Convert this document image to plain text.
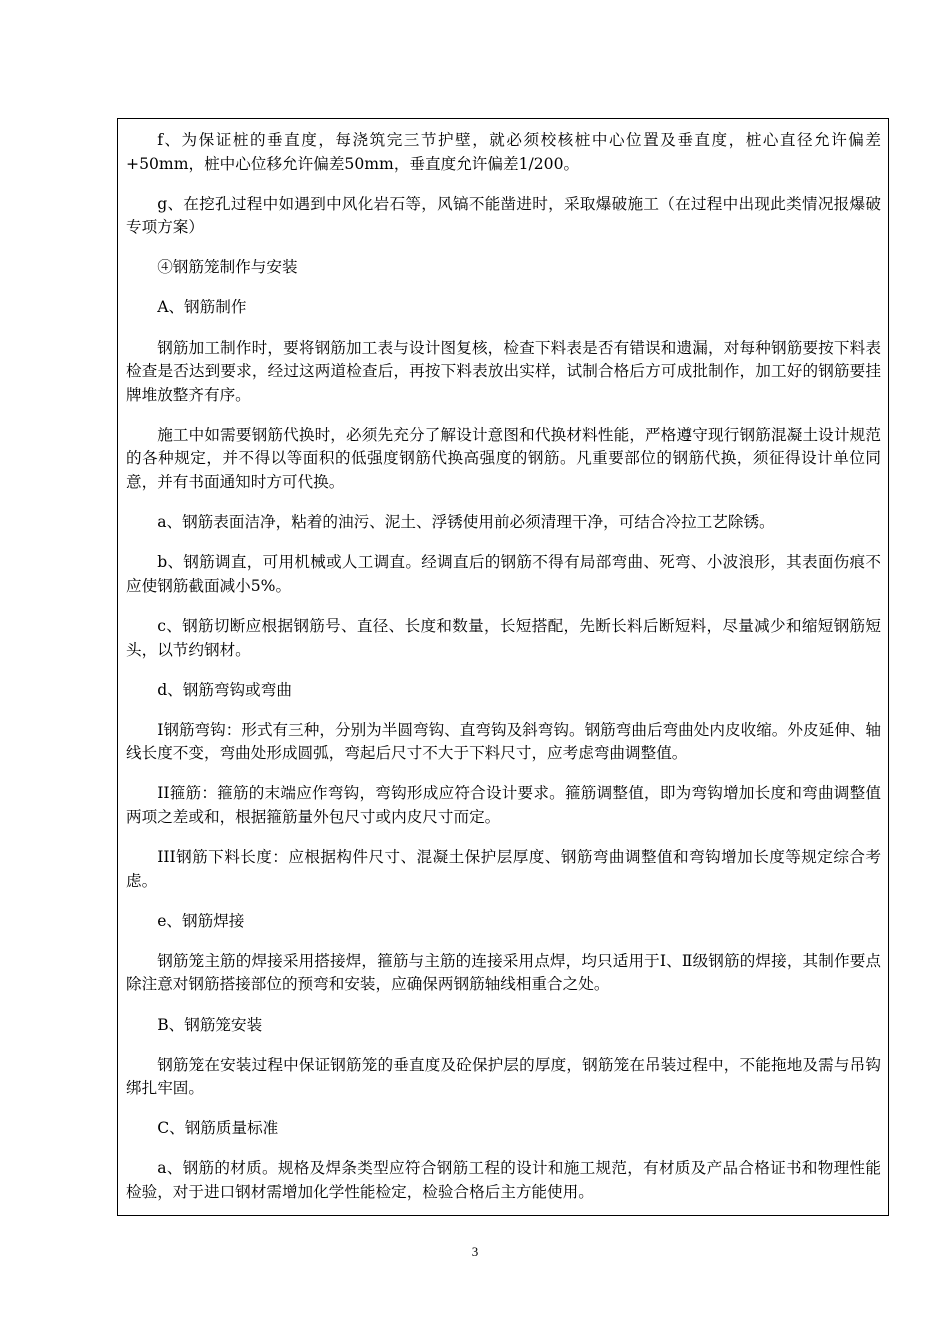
f、为保证桩的垂直度，每浇筑完三节护壁，就必须校核桩中心位置及垂直度，桩心直径允许偏差+50mm，桩中心位移允许偏差50mm，垂直度允许偏差1/200。

g、在挖孔过程中如遇到中风化岩石等，风镐不能凿进时，采取爆破施工（在过程中出现此类情况报爆破专项方案）

④钢筋笼制作与安装

A、钢筋制作

钢筋加工制作时，要将钢筋加工表与设计图复核，检查下料表是否有错误和遗漏，对每种钢筋要按下料表检查是否达到要求，经过这两道检查后，再按下料表放出实样，试制合格后方可成批制作，加工好的钢筋要挂牌堆放整齐有序。

施工中如需要钢筋代换时，必须先充分了解设计意图和代换材料性能，严格遵守现行钢筋混凝土设计规范的各种规定，并不得以等面积的低强度钢筋代换高强度的钢筋。凡重要部位的钢筋代换，须征得设计单位同意，并有书面通知时方可代换。

a、钢筋表面洁净，粘着的油污、泥土、浮锈使用前必须清理干净，可结合冷拉工艺除锈。

b、钢筋调直，可用机械或人工调直。经调直后的钢筋不得有局部弯曲、死弯、小波浪形，其表面伤痕不应使钢筋截面减小5%。

c、钢筋切断应根据钢筋号、直径、长度和数量，长短搭配，先断长料后断短料，尽量减少和缩短钢筋短头，以节约钢材。

d、钢筋弯钩或弯曲

I钢筋弯钩：形式有三种，分别为半圆弯钩、直弯钩及斜弯钩。钢筋弯曲后弯曲处内皮收缩。外皮延伸、轴线长度不变，弯曲处形成圆弧，弯起后尺寸不大于下料尺寸，应考虑弯曲调整值。

II箍筋：箍筋的末端应作弯钩，弯钩形成应符合设计要求。箍筋调整值，即为弯钩增加长度和弯曲调整值两项之差或和，根据箍筋量外包尺寸或内皮尺寸而定。

III钢筋下料长度：应根据构件尺寸、混凝土保护层厚度、钢筋弯曲调整值和弯钩增加长度等规定综合考虑。

e、钢筋焊接

钢筋笼主筋的焊接采用搭接焊，箍筋与主筋的连接采用点焊，均只适用于Ⅰ、Ⅱ级钢筋的焊接，其制作要点除注意对钢筋搭接部位的预弯和安装，应确保两钢筋轴线相重合之处。

B、钢筋笼安装

钢筋笼在安装过程中保证钢筋笼的垂直度及砼保护层的厚度，钢筋笼在吊装过程中，不能拖地及需与吊钩绑扎牢固。

C、钢筋质量标准

a、钢筋的材质。规格及焊条类型应符合钢筋工程的设计和施工规范，有材质及产品合格证书和物理性能检验，对于进口钢材需增加化学性能检定，检验合格后主方能使用。

3
